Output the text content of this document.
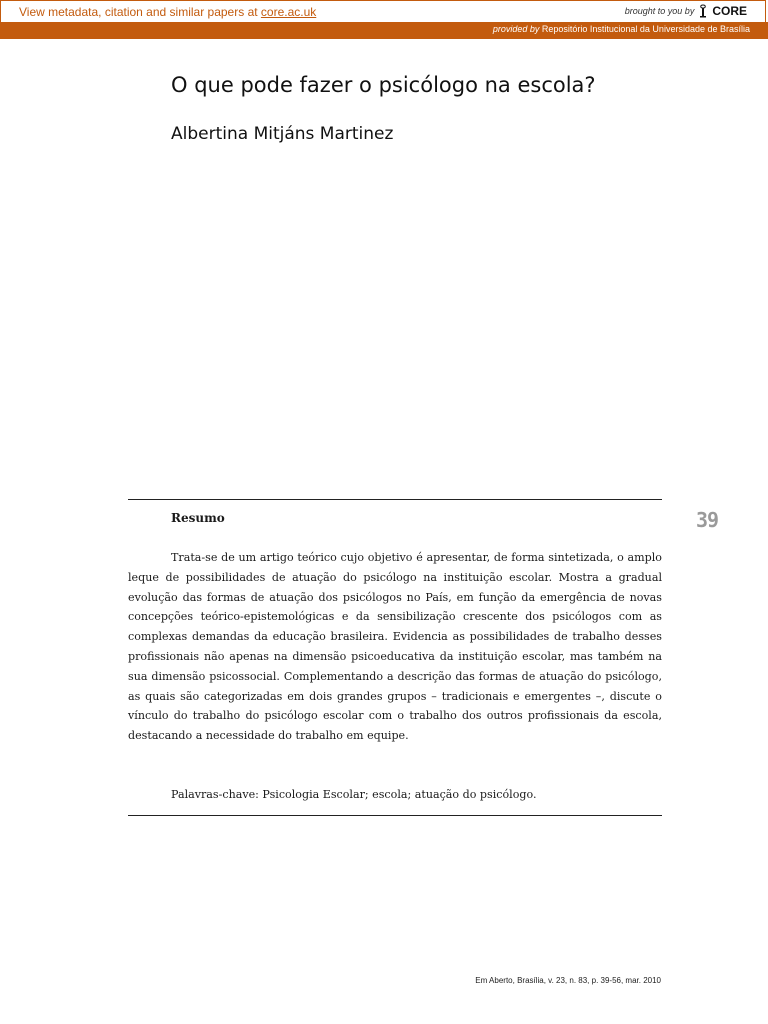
View metadata, citation and similar papers at core.ac.uk	brought to you by CORE
provided by Repositório Institucional da Universidade de Brasília
O que pode fazer o psicólogo na escola?
Albertina Mitjáns Martinez
39
Resumo

Trata-se de um artigo teórico cujo objetivo é apresentar, de forma sintetizada, o amplo leque de possibilidades de atuação do psicólogo na instituição escolar. Mostra a gradual evolução das formas de atuação dos psicólogos no País, em função da emergência de novas concepções teórico-epistemológicas e da sensibilização crescente dos psicólogos com as complexas demandas da educação brasileira. Evidencia as possibilidades de trabalho desses profissionais não apenas na dimensão psicoeducativa da instituição escolar, mas também na sua dimensão psicossocial. Complementando a descrição das formas de atuação do psicólogo, as quais são categorizadas em dois grandes grupos – tradicionais e emergentes –, discute o vínculo do trabalho do psicólogo escolar com o trabalho dos outros profissionais da escola, destacando a necessidade do trabalho em equipe.

Palavras-chave: Psicologia Escolar; escola; atuação do psicólogo.
Em Aberto, Brasília, v. 23, n. 83, p. 39-56, mar. 2010
